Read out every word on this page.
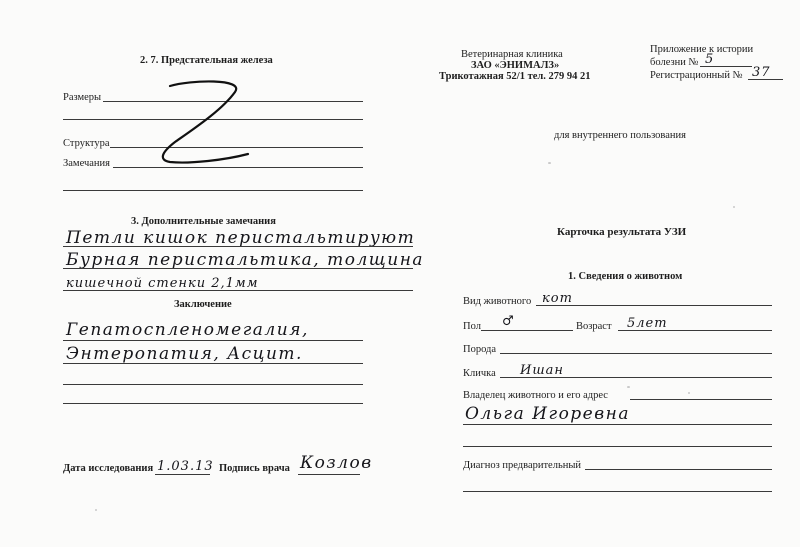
2. 7. Предстательная железа
Размеры
Структура
Замечания
3. Дополнительные замечания
Петли кишок перистальтируют
Бурная перистальтика, толщина
кишечной стенки 2,1мм
Заключение
Гепатоспленомегалия,
Энтеропатия, Асцит.
Дата исследования 1.03.13 Подпись врача Козлов
Ветеринарная клиника
ЗАО «ЭНИМАЛЗ»
Трикотажная 52/1 тел. 279 94 21
Приложение к истории
болезни № 5
Регистрационный № 37
для внутреннего пользования
Карточка результата УЗИ
1. Сведения о животном
Вид животного кот
Пол ♂	Возраст 5лет
Порода
Кличка Ишан
Владелец животного и его адрес
Ольга Игоревна
Диагноз предварительный
